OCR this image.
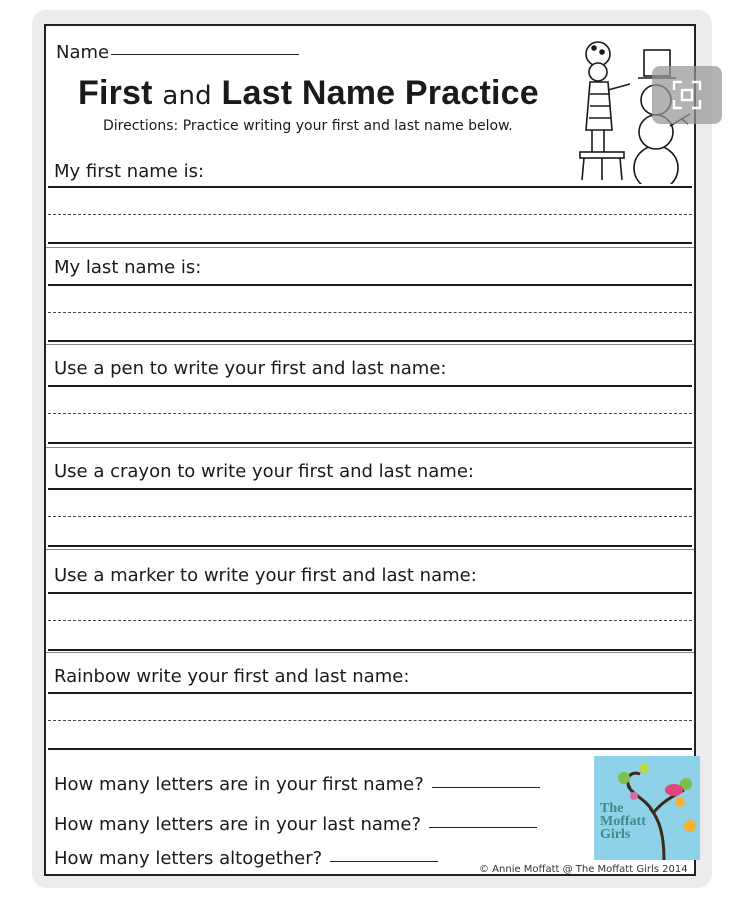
Name
First and Last Name Practice
Directions: Practice writing your first and last name below.
My first name is:
My last name is:
Use a pen to write your first and last name:
Use a crayon to write your first and last name:
Use a marker to write your first and last name:
Rainbow write your first and last name:
How many letters are in your first name?
How many letters are in your last name?
How many letters altogether?
The
Moffatt
Girls
© Annie Moffatt @ The Moffatt Girls 2014
